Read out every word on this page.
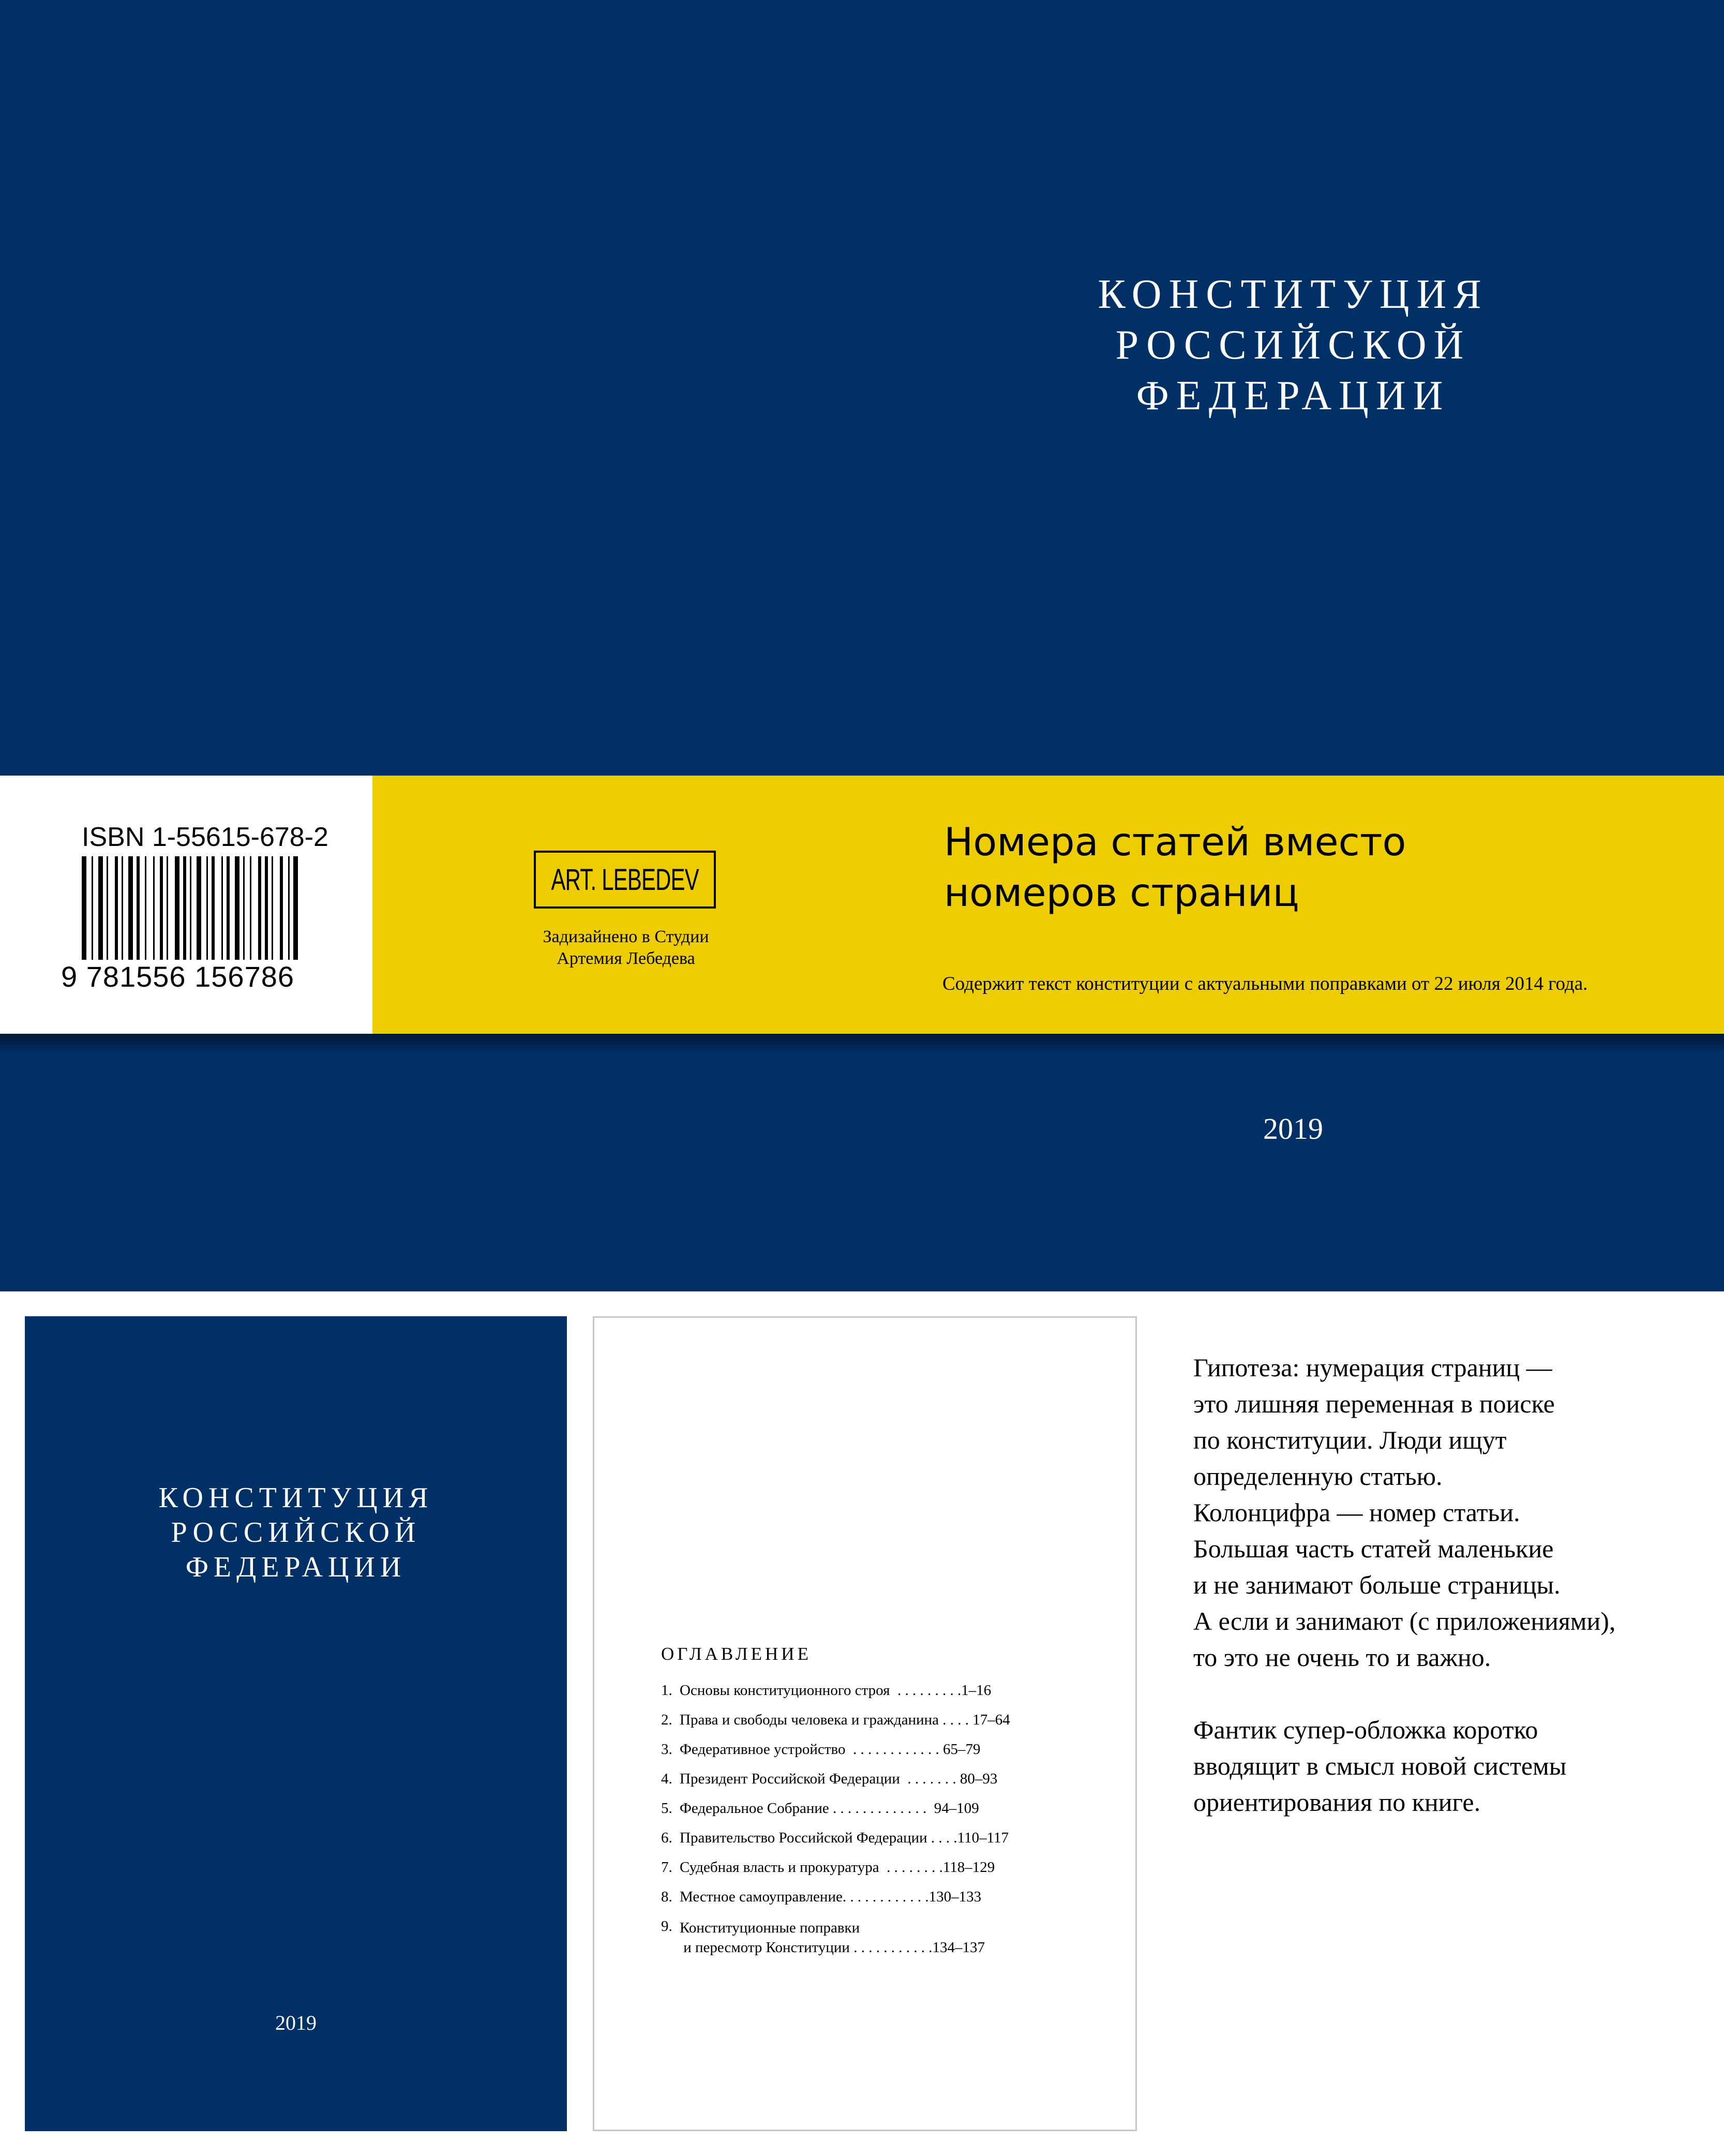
КОНСТИТУЦИЯ
РОССИЙСКОЙ
ФЕДЕРАЦИИ
ISBN 1-55615-678-2
9 781556 156786
ART. LEBEDEV
Задизайнено в Студии
Артемия Лебедева
Номера статей вместо
номеров страниц
Содержит текст конституции с актуальными поправками от 22 июля 2014 года.
2019
КОНСТИТУЦИЯ
РОССИЙСКОЙ
ФЕДЕРАЦИИ
2019
ОГЛАВЛЕНИЕ
1. Основы конституционного строя  . . . . . . . . .1–16
2. Права и свободы человека и гражданина . . . . 17–64
3. Федеративное устройство  . . . . . . . . . . . . 65–79
4. Президент Российской Федерации  . . . . . . . 80–93
5. Федеральное Собрание . . . . . . . . . . . . .  94–109
6. Правительство Российской Федерации . . . .110–117
7. Судебная власть и прокуратура  . . . . . . . .118–129
8. Местное самоуправление. . . . . . . . . . . .130–133
9. Конституционные поправки
и пересмотр Конституции . . . . . . . . . . .134–137

Гипотеза: нумерация страниц —
это лишняя переменная в поиске
по конституции. Люди ищут
определенную статью.
Колонцифра — номер статьи.
Большая часть статей маленькие
и не занимают больше страницы.
А если и занимают (с приложениями),
то это не очень то и важно.

Фантик супер-обложка коротко
вводящит в смысл новой системы
ориентирования по книге.
